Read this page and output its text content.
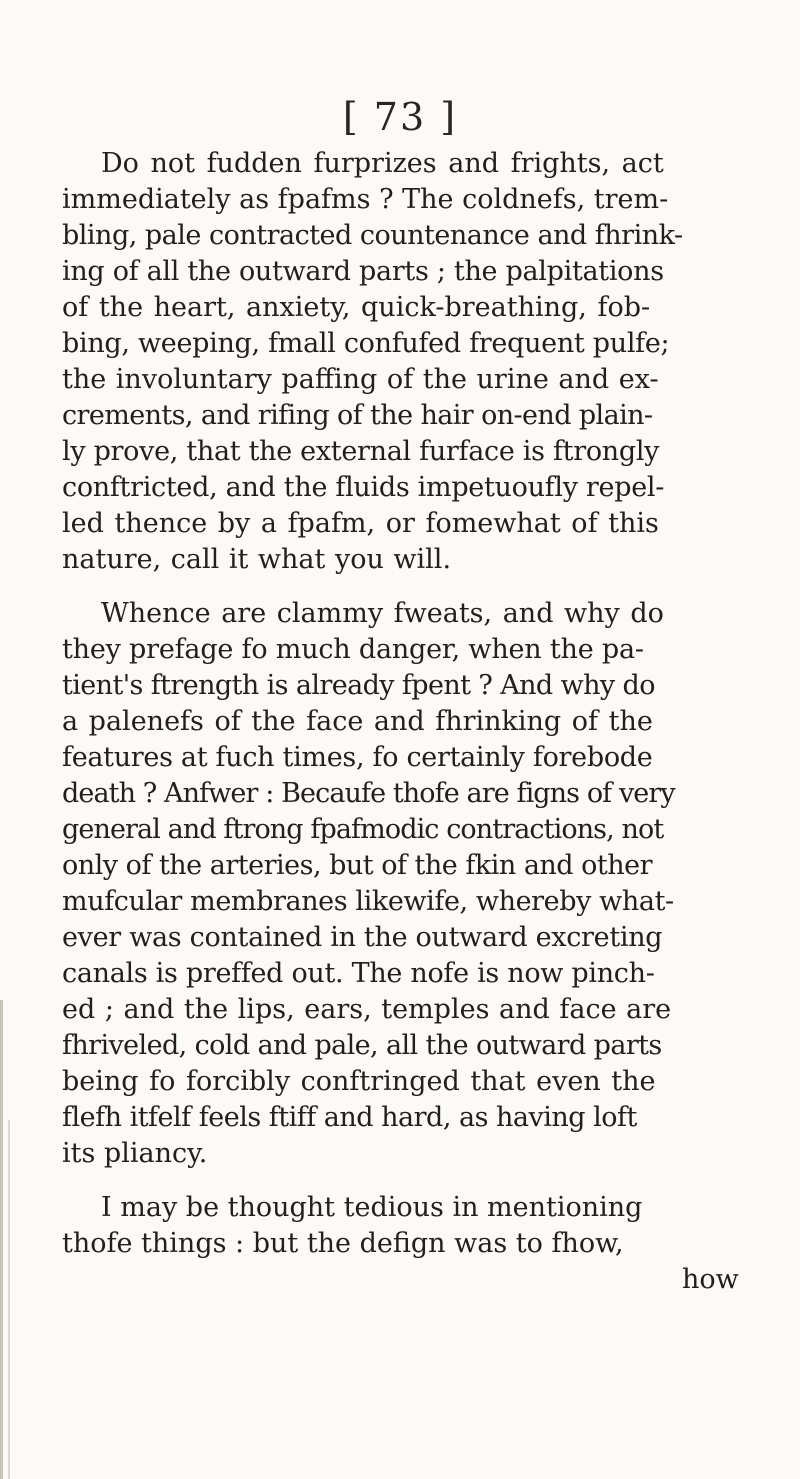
[ 73 ]
Do not fudden furprizes and frights, act
immediately as fpafms ? The coldnefs, trem-
bling, pale contracted countenance and fhrink-
ing of all the outward parts ; the palpitations
of the heart, anxiety, quick-breathing, fob-
bing, weeping, fmall confufed frequent pulfe;
the involuntary paffing of the urine and ex-
crements, and rifing of the hair on-end plain-
ly prove, that the external furface is ftrongly
conftricted, and the fluids impetuoufly repel-
led thence by a fpafm, or fomewhat of this
nature, call it what you will.
Whence are clammy fweats, and why do
they prefage fo much danger, when the pa-
tient's ftrength is already fpent ? And why do
a palenefs of the face and fhrinking of the
features at fuch times, fo certainly forebode
death ? Anfwer : Becaufe thofe are figns of very
general and ftrong fpafmodic contractions, not
only of the arteries, but of the fkin and other
mufcular membranes likewife, whereby what-
ever was contained in the outward excreting
canals is preffed out. The nofe is now pinch-
ed ; and the lips, ears, temples and face are
fhriveled, cold and pale, all the outward parts
being fo forcibly conftringed that even the
flefh itfelf feels ftiff and hard, as having loft
its pliancy.
I may be thought tedious in mentioning
thofe things : but the defign was to fhow,
how
